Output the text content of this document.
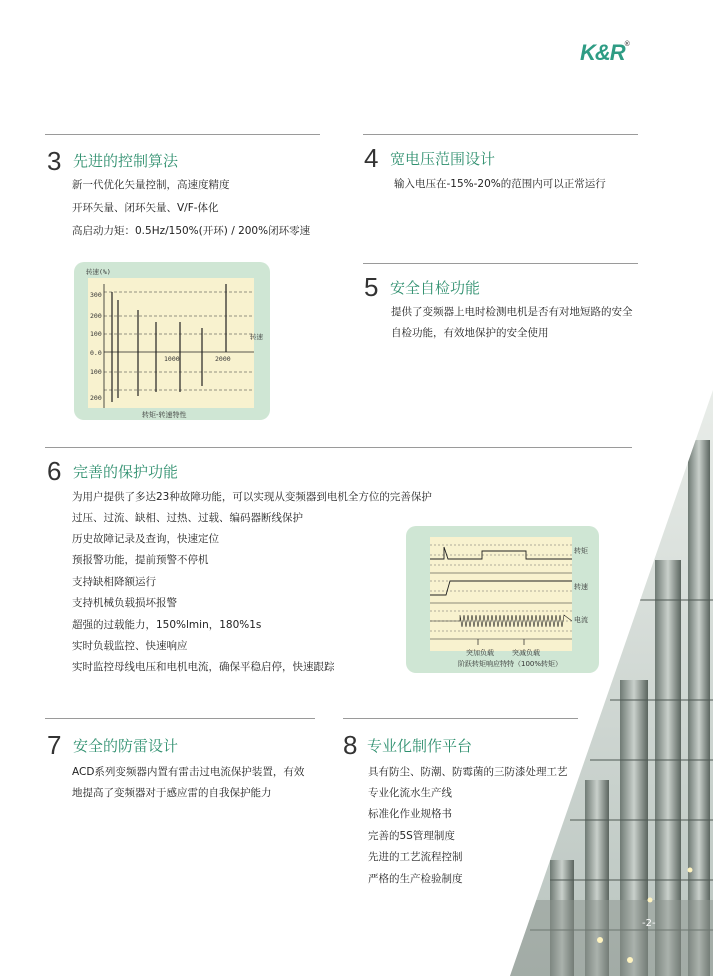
K&R®
3 先进的控制算法
新一代优化矢量控制，高速度精度
开环矢量、闭环矢量、V/F-体化
高启动力矩：0.5Hz/150%(开环) / 200%闭环零速
转速(%)
300
200
100
0.0
100
200
1000	2000
转速
转矩-转速特性
4 宽电压范围设计
输入电压在-15%-20%的范围内可以正常运行
5 安全自检功能
提供了变频器上电时检测电机是否有对地短路的安全
自检功能，有效地保护的安全使用
6 完善的保护功能
为用户提供了多达23种故障功能，可以实现从变频器到电机全方位的完善保护
过压、过流、缺相、过热、过载、编码器断线保护
历史故障记录及查询，快速定位
预报警功能，提前预警不停机
支持缺相降额运行
支持机械负载损坏报警
超强的过载能力，150%lmin，180%1s
实时负载监控、快速响应
实时监控母线电压和电机电流，确保平稳启停，快速跟踪
转矩
转速
电流
突加负载	突减负载
阶跃转矩响应特特（100%转矩）
7 安全的防雷设计
ACD系列变频器内置有雷击过电流保护装置，有效
地提高了变频器对于感应雷的自我保护能力
8 专业化制作平台
具有防尘、防潮、防霉菌的三防漆处理工艺
专业化流水生产线
标准化作业规格书
完善的5S管理制度
先进的工艺流程控制
严格的生产检验制度
-2-
